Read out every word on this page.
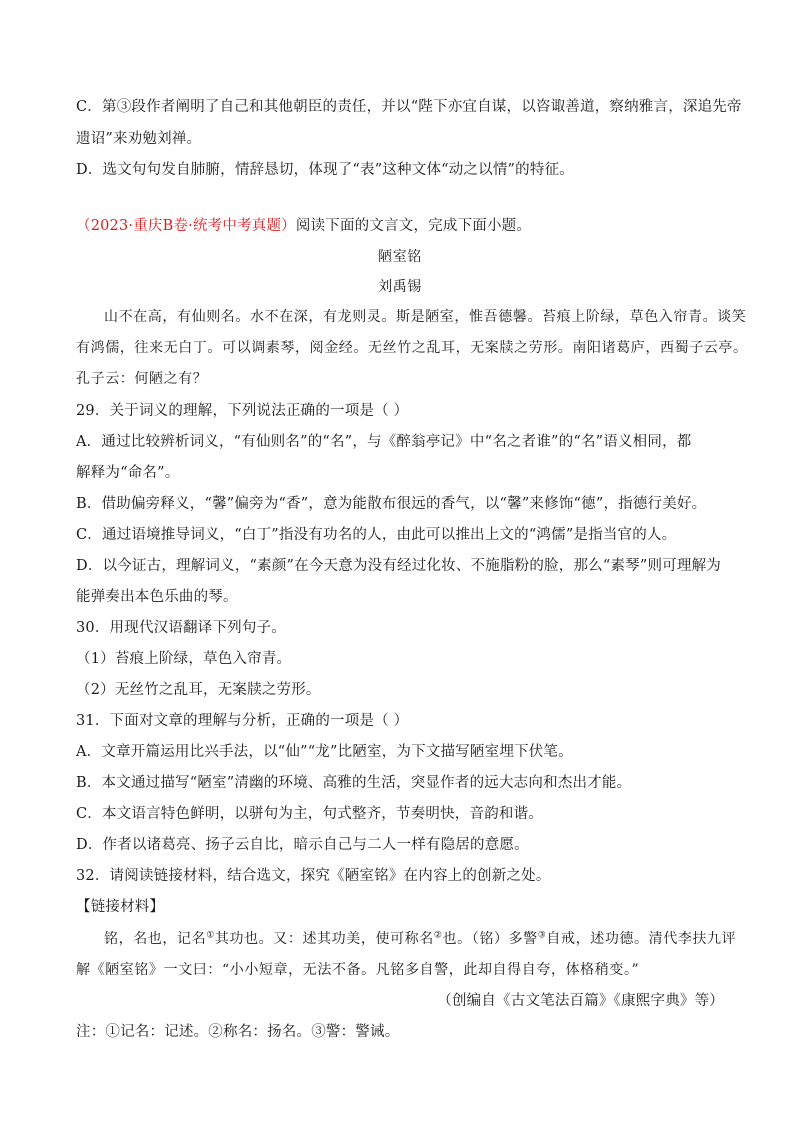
C．第③段作者阐明了自己和其他朝臣的责任，并以“陛下亦宜自谋，以咨诹善道，察纳雅言，深追先帝
遗诏”来劝勉刘禅。
D．选文句句发自肺腑，情辞恳切，体现了“表”这种文体“动之以情”的特征。
（2023·重庆B卷·统考中考真题）阅读下面的文言文，完成下面小题。
陋室铭
刘禹锡
山不在高，有仙则名。水不在深，有龙则灵。斯是陋室，惟吾德馨。苔痕上阶绿，草色入帘青。谈笑
有鸿儒，往来无白丁。可以调素琴，阅金经。无丝竹之乱耳，无案牍之劳形。南阳诸葛庐，西蜀子云亭。
孔子云：何陋之有？
29．关于词义的理解，下列说法正确的一项是（ ）
A．通过比较辨析词义，“有仙则名”的“名”，与《醉翁亭记》中“名之者谁”的“名”语义相同，都
解释为“命名”。
B．借助偏旁释义，“馨”偏旁为“香”，意为能散布很远的香气，以“馨”来修饰“德”，指德行美好。
C．通过语境推导词义，“白丁”指没有功名的人，由此可以推出上文的“鸿儒”是指当官的人。
D．以今证古，理解词义，“素颜”在今天意为没有经过化妆、不施脂粉的脸，那么“素琴”则可理解为
能弹奏出本色乐曲的琴。
30．用现代汉语翻译下列句子。
（1）苔痕上阶绿，草色入帘青。
（2）无丝竹之乱耳，无案牍之劳形。
31．下面对文章的理解与分析，正确的一项是（ ）
A．文章开篇运用比兴手法，以“仙”“龙”比陋室，为下文描写陋室埋下伏笔。
B．本文通过描写“陋室”清幽的环境、高雅的生活，突显作者的远大志向和杰出才能。
C．本文语言特色鲜明，以骈句为主，句式整齐，节奏明快，音韵和谐。
D．作者以诸葛亮、扬子云自比，暗示自己与二人一样有隐居的意愿。
32．请阅读链接材料，结合选文，探究《陋室铭》在内容上的创新之处。
【链接材料】
铭，名也，记名①其功也。又：述其功美，使可称名②也。（铭）多警③自戒，述功德。清代李扶九评
解《陋室铭》一文曰：“小小短章，无法不备。凡铭多自警，此却自得自夸，体格稍变。”
（创编自《古文笔法百篇》《康熙字典》等）
注：①记名：记述。②称名：扬名。③警：警诫。
